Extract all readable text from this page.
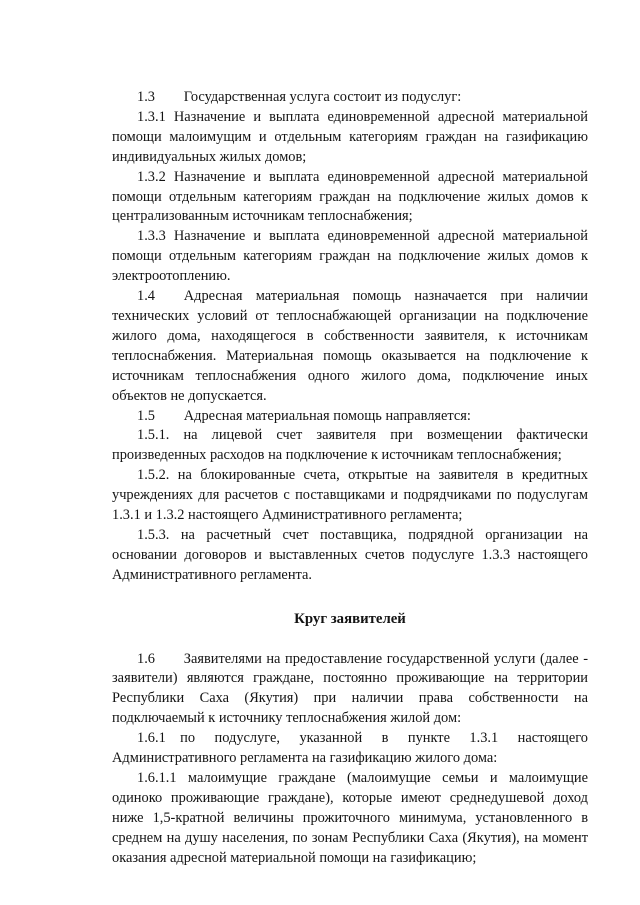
1.3  Государственная услуга состоит из подуслуг:

1.3.1 Назначение и выплата единовременной адресной материальной помощи малоимущим и отдельным категориям граждан на газификацию индивидуальных жилых домов;

1.3.2 Назначение и выплата единовременной адресной материальной помощи отдельным категориям граждан на подключение жилых домов к централизованным источникам теплоснабжения;

1.3.3 Назначение и выплата единовременной адресной материальной помощи отдельным категориям граждан на подключение жилых домов к электроотоплению.

1.4  Адресная материальная помощь назначается при наличии технических условий от теплоснабжающей организации на подключение жилого дома, находящегося в собственности заявителя, к источникам теплоснабжения. Материальная помощь оказывается на подключение к источникам теплоснабжения одного жилого дома, подключение иных объектов не допускается.

1.5  Адресная материальная помощь направляется:

1.5.1. на лицевой счет заявителя при возмещении фактически произведенных расходов на подключение к источникам теплоснабжения;

1.5.2. на блокированные счета, открытые на заявителя в кредитных учреждениях для расчетов с поставщиками и подрядчиками по подуслугам 1.3.1 и 1.3.2 настоящего Административного регламента;

1.5.3. на расчетный счет поставщика, подрядной организации на основании договоров и выставленных счетов подуслуге 1.3.3 настоящего Административного регламента.

Круг заявителей

1.6  Заявителями на предоставление государственной услуги (далее - заявители) являются граждане, постоянно проживающие на территории Республики Саха (Якутия) при наличии права собственности на подключаемый к источнику теплоснабжения жилой дом:

1.6.1 по подуслуге, указанной в пункте 1.3.1 настоящего Административного регламента на газификацию жилого дома:

1.6.1.1 малоимущие граждане (малоимущие семьи и малоимущие одиноко проживающие граждане), которые имеют среднедушевой доход ниже 1,5-кратной величины прожиточного минимума, установленного в среднем на душу населения, по зонам Республики Саха (Якутия), на момент оказания адресной материальной помощи на газификацию;
